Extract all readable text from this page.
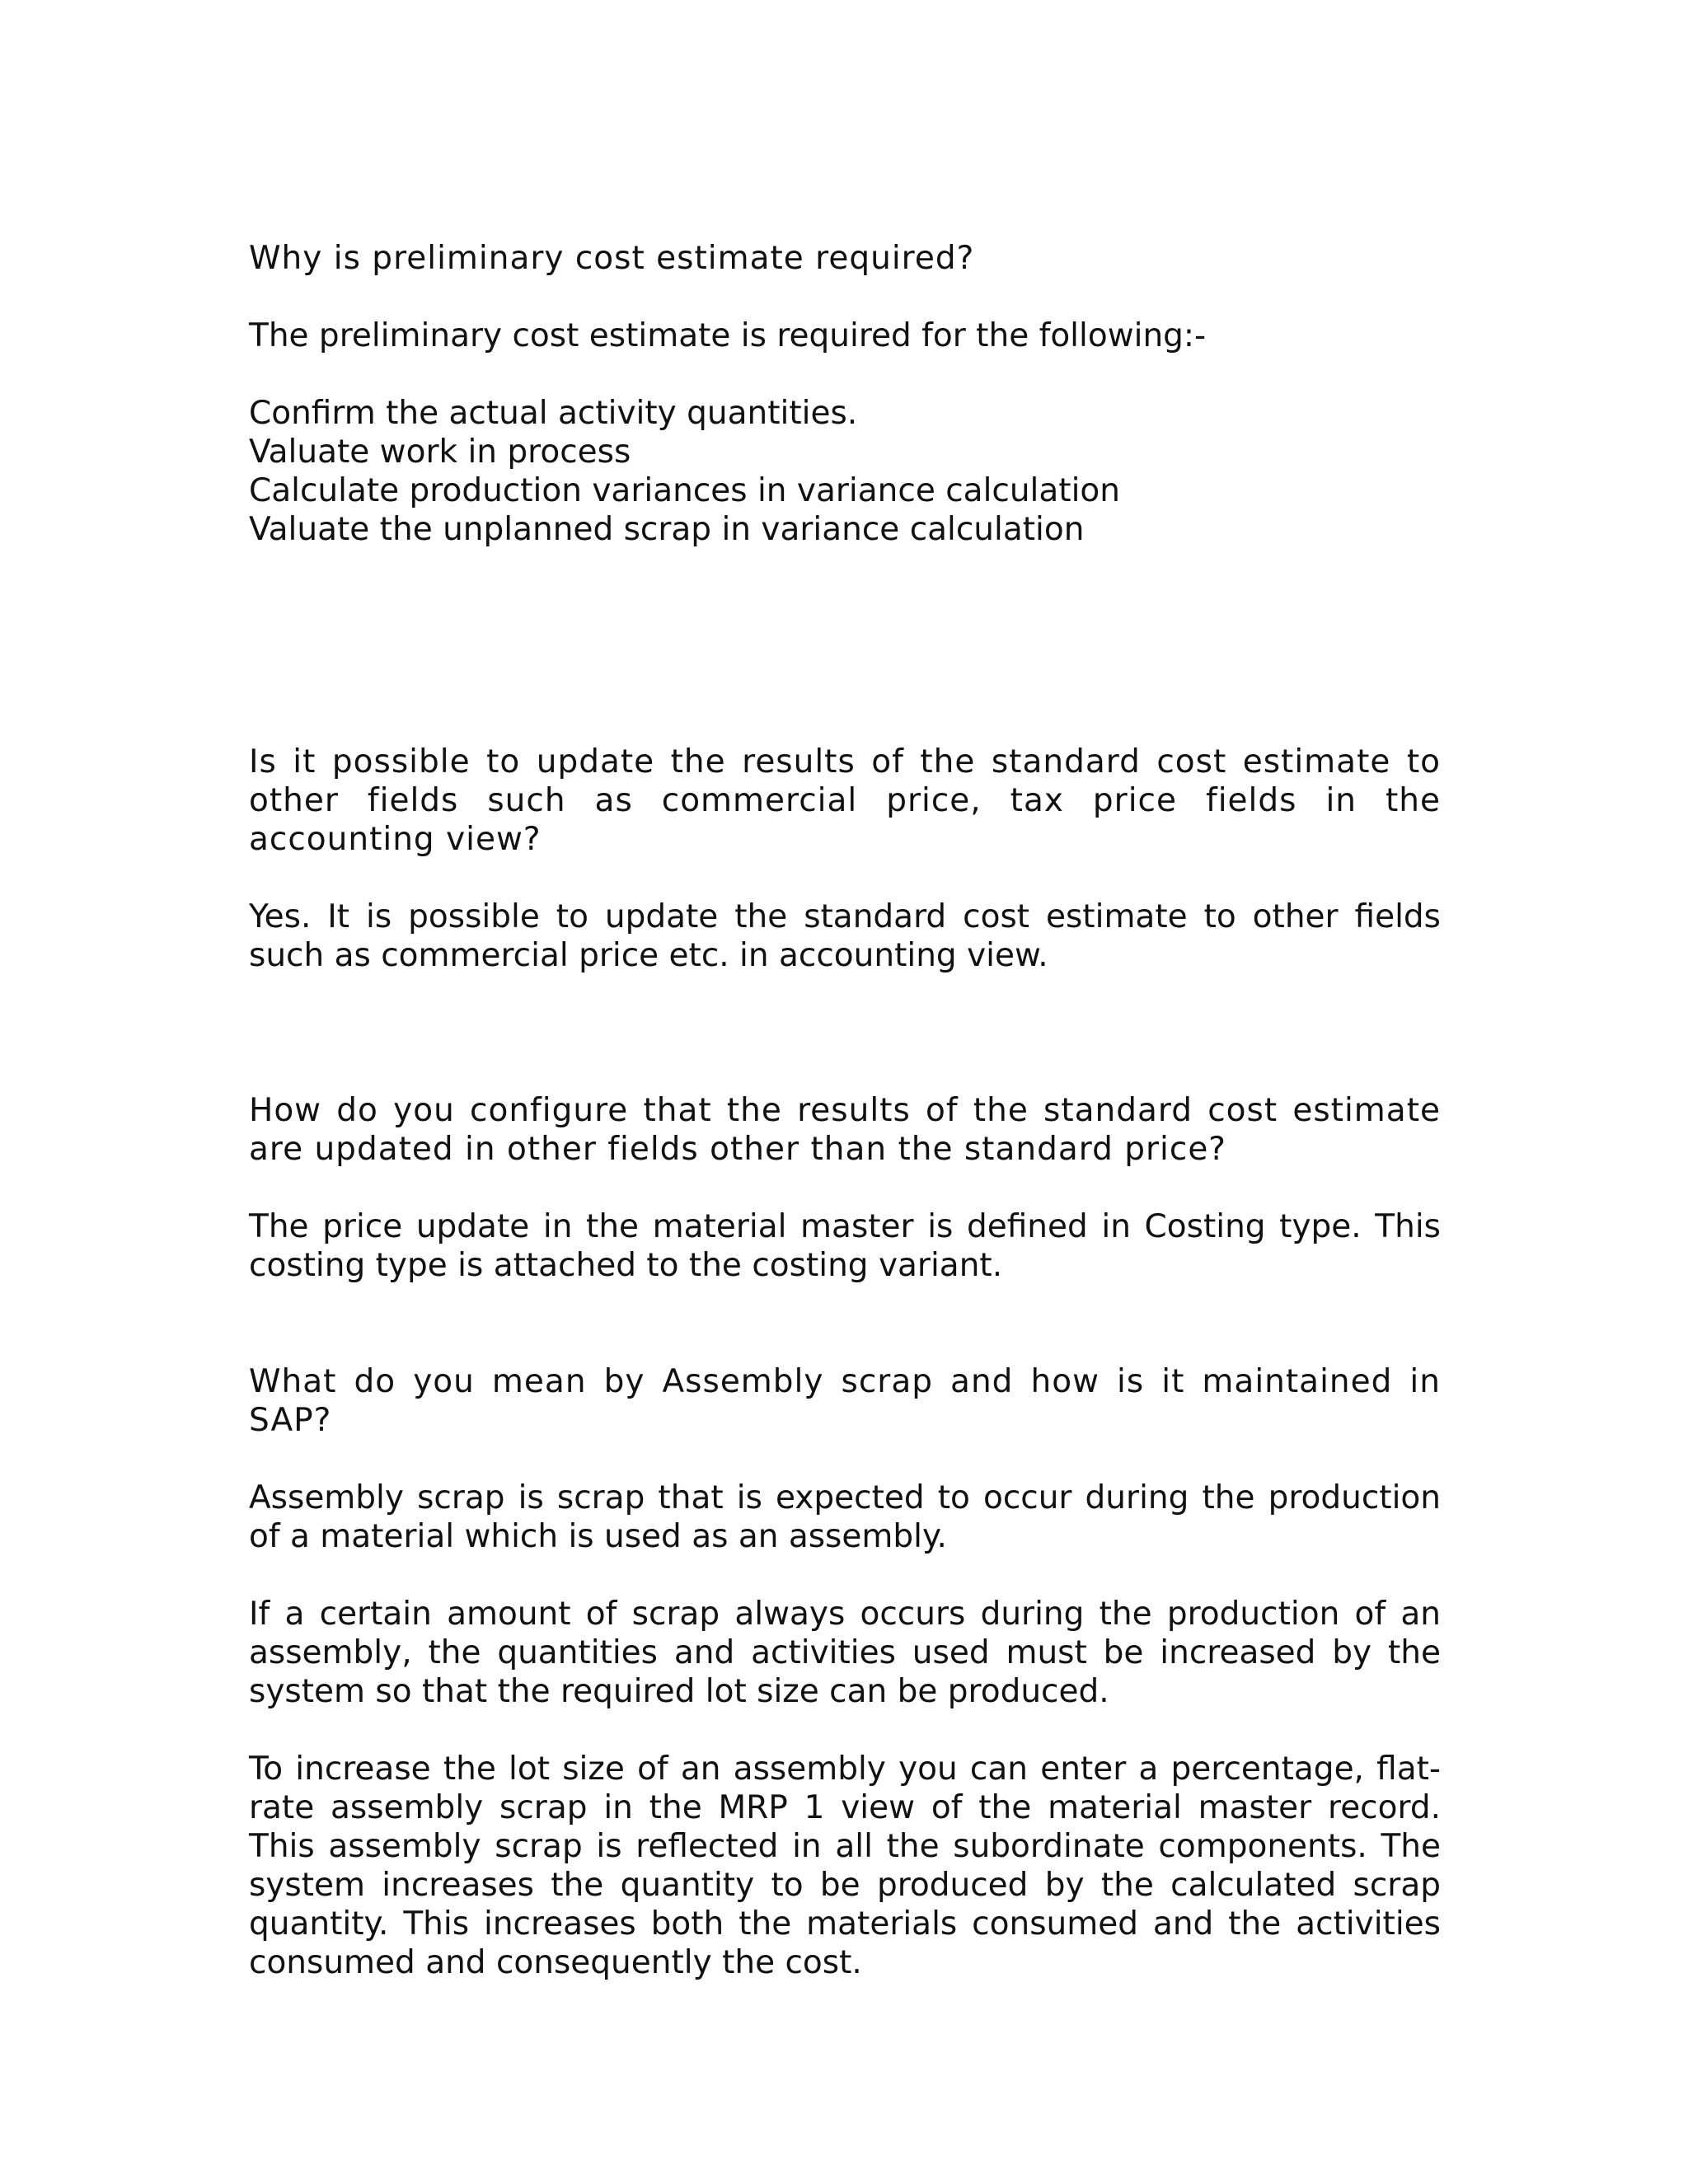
Why is preliminary cost estimate required?

The preliminary cost estimate is required for the following:-

Confirm the actual activity quantities.
Valuate work in process
Calculate production variances in variance calculation
Valuate the unplanned scrap in variance calculation

Is it possible to update the results of the standard cost estimate to other fields such as commercial price, tax price fields in the accounting view?

Yes. It is possible to update the standard cost estimate to other fields such as commercial price etc. in accounting view.

How do you configure that the results of the standard cost estimate are updated in other fields other than the standard price?

The price update in the material master is defined in Costing type. This costing type is attached to the costing variant.

What do you mean by Assembly scrap and how is it maintained in SAP?

Assembly scrap is scrap that is expected to occur during the production of a material which is used as an assembly.

If a certain amount of scrap always occurs during the production of an assembly, the quantities and activities used must be increased by the system so that the required lot size can be produced.

To increase the lot size of an assembly you can enter a percentage, flat-rate assembly scrap in the MRP 1 view of the material master record. This assembly scrap is reflected in all the subordinate components. The system increases the quantity to be produced by the calculated scrap quantity. This increases both the materials consumed and the activities consumed and consequently the cost.
